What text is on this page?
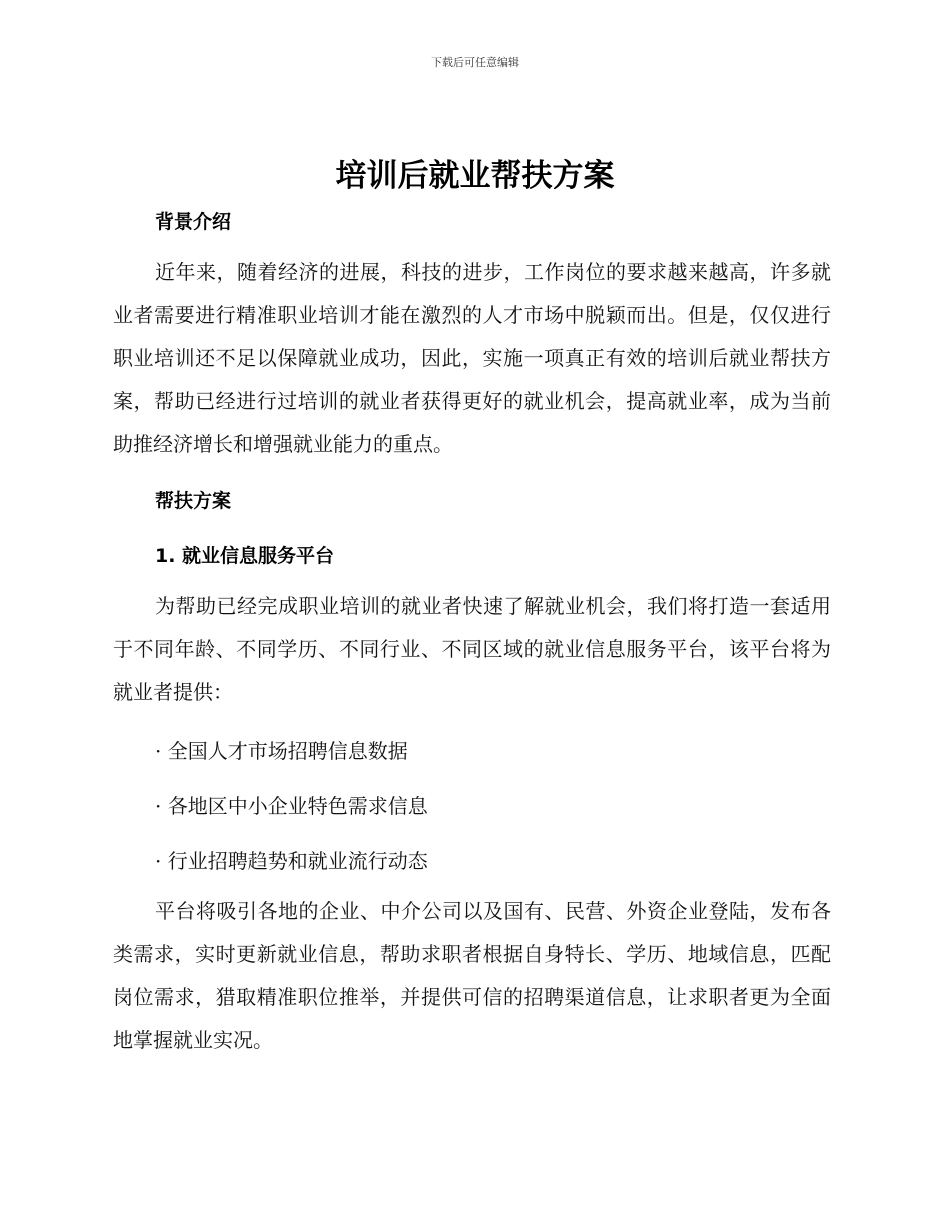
下载后可任意编辑
培训后就业帮扶方案
背景介绍

近年来，随着经济的进展，科技的进步，工作岗位的要求越来越高，许多就业者需要进行精准职业培训才能在激烈的人才市场中脱颖而出。但是，仅仅进行职业培训还不足以保障就业成功，因此，实施一项真正有效的培训后就业帮扶方案，帮助已经进行过培训的就业者获得更好的就业机会，提高就业率，成为当前助推经济增长和增强就业能力的重点。

帮扶方案
1. 就业信息服务平台

为帮助已经完成职业培训的就业者快速了解就业机会，我们将打造一套适用于不同年龄、不同学历、不同行业、不同区域的就业信息服务平台，该平台将为就业者提供：

· 全国人才市场招聘信息数据

· 各地区中小企业特色需求信息

· 行业招聘趋势和就业流行动态

平台将吸引各地的企业、中介公司以及国有、民营、外资企业登陆，发布各类需求，实时更新就业信息，帮助求职者根据自身特长、学历、地域信息，匹配岗位需求，猎取精准职位推举，并提供可信的招聘渠道信息，让求职者更为全面地掌握就业实况。
